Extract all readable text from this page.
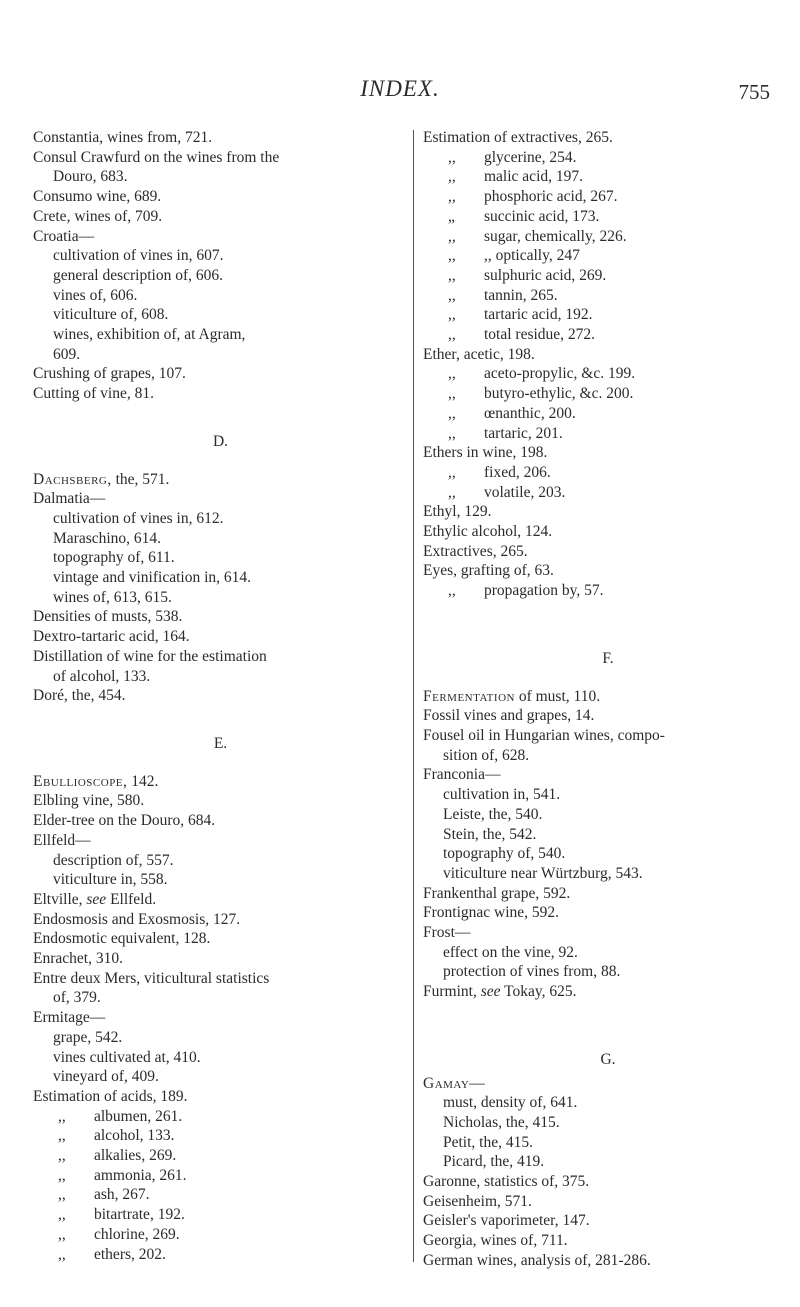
INDEX.	755
Constantia, wines from, 721.
Consul Crawfurd on the wines from the
Douro, 683.
Consumo wine, 689.
Crete, wines of, 709.
Croatia—
cultivation of vines in, 607.
general description of, 606.
vines of, 606.
viticulture of, 608.
wines, exhibition of, at Agram,
609.
Crushing of grapes, 107.
Cutting of vine, 81.
D.
Dachsberg, the, 571.
Dalmatia—
cultivation of vines in, 612.
Maraschino, 614.
topography of, 611.
vintage and vinification in, 614.
wines of, 613, 615.
Densities of musts, 538.
Dextro-tartaric acid, 164.
Distillation of wine for the estimation
of alcohol, 133.
Doré, the, 454.
E.
Ebullioscope, 142.
Elbling vine, 580.
Elder-tree on the Douro, 684.
Ellfeld—
description of, 557.
viticulture in, 558.
Eltville, see Ellfeld.
Endosmosis and Exosmosis, 127.
Endosmotic equivalent, 128.
Enrachet, 310.
Entre deux Mers, viticultural statistics
of, 379.
Ermitage—
grape, 542.
vines cultivated at, 410.
vineyard of, 409.
Estimation of acids, 189.
,, albumen, 261.
,, alcohol, 133.
,, alkalies, 269.
,, ammonia, 261.
,, ash, 267.
,, bitartrate, 192.
,, chlorine, 269.
,, ethers, 202.
Estimation of extractives, 265.
,, glycerine, 254.
,, malic acid, 197.
,, phosphoric acid, 267.
„ succinic acid, 173.
,, sugar, chemically, 226.
,, ,, optically, 247
,, sulphuric acid, 269.
,, tannin, 265.
,, tartaric acid, 192.
,, total residue, 272.
Ether, acetic, 198.
,, aceto-propylic, &c. 199.
,, butyro-ethylic, &c. 200.
,, œnanthic, 200.
,, tartaric, 201.
Ethers in wine, 198.
,, fixed, 206.
,, volatile, 203.
Ethyl, 129.
Ethylic alcohol, 124.
Extractives, 265.
Eyes, grafting of, 63.
,, propagation by, 57.
F.
Fermentation of must, 110.
Fossil vines and grapes, 14.
Fousel oil in Hungarian wines, compo-
sition of, 628.
Franconia—
cultivation in, 541.
Leiste, the, 540.
Stein, the, 542.
topography of, 540.
viticulture near Würtzburg, 543.
Frankenthal grape, 592.
Frontignac wine, 592.
Frost—
effect on the vine, 92.
protection of vines from, 88.
Furmint, see Tokay, 625.
G.
Gamay—
must, density of, 641.
Nicholas, the, 415.
Petit, the, 415.
Picard, the, 419.
Garonne, statistics of, 375.
Geisenheim, 571.
Geisler's vaporimeter, 147.
Georgia, wines of, 711.
German wines, analysis of, 281-286.
